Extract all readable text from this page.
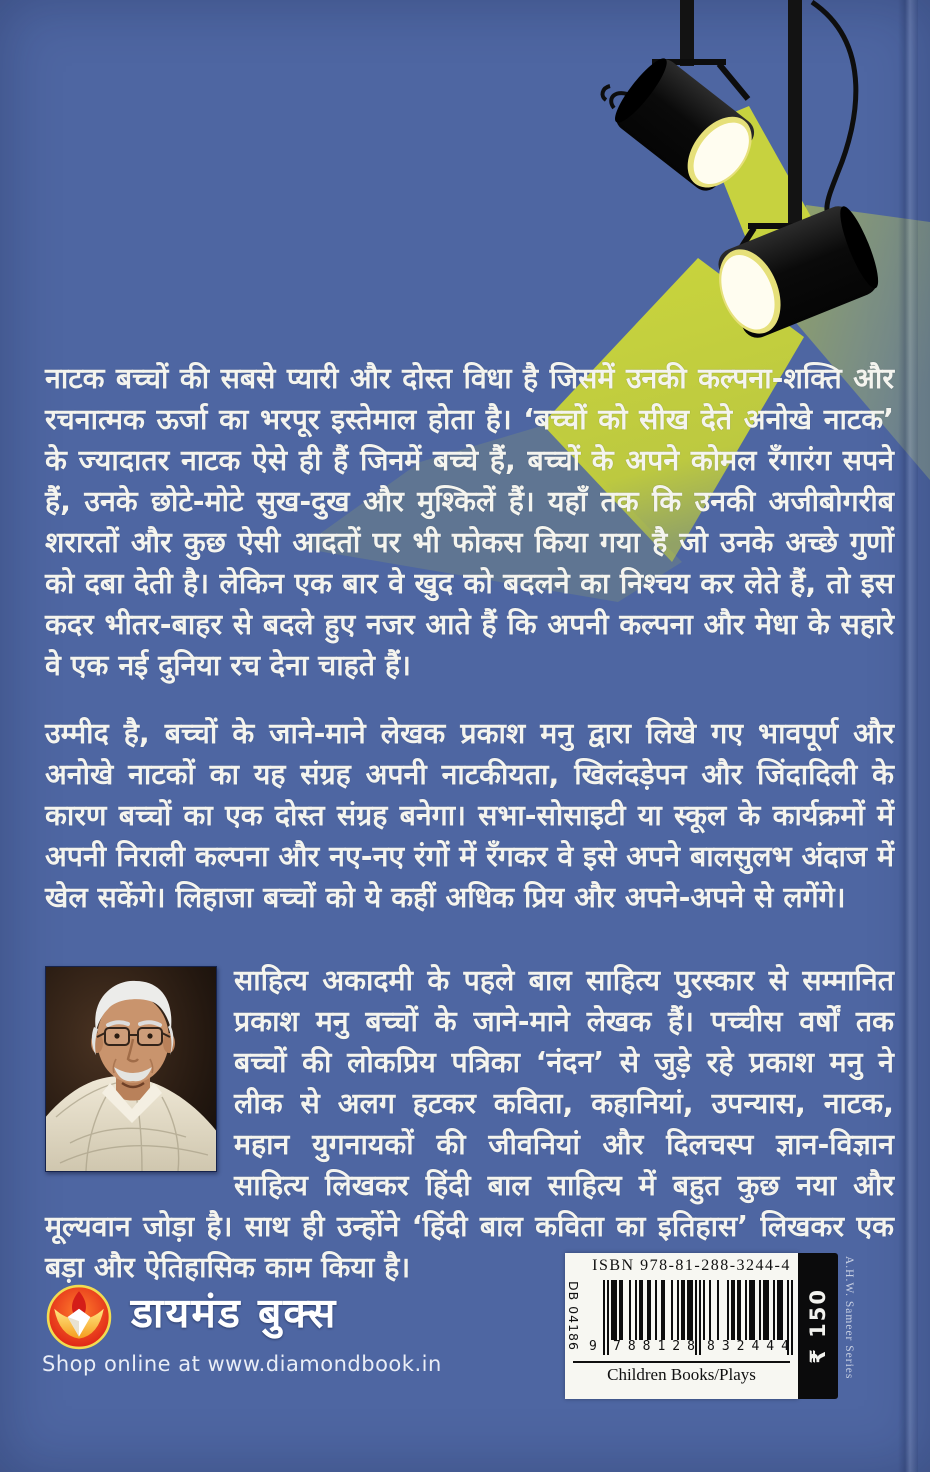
नाटक बच्चों की सबसे प्यारी और दोस्त विधा है जिसमें उनकी कल्पना-शक्ति और रचनात्मक ऊर्जा का भरपूर इस्तेमाल होता है। ‘बच्चों को सीख देते अनोखे नाटक’ के ज्यादातर नाटक ऐसे ही हैं जिनमें बच्चे हैं, बच्चों के अपने कोमल रँगारंग सपने हैं, उनके छोटे-मोटे सुख-दुख और मुश्किलें हैं। यहाँ तक कि उनकी अजीबोगरीब शरारतों और कुछ ऐसी आदतों पर भी फोकस किया गया है जो उनके अच्छे गुणों को दबा देती है। लेकिन एक बार वे खुद को बदलने का निश्चय कर लेते हैं, तो इस कदर भीतर-बाहर से बदले हुए नजर आते हैं कि अपनी कल्पना और मेधा के सहारे वे एक नई दुनिया रच देना चाहते हैं।

उम्मीद है, बच्चों के जाने-माने लेखक प्रकाश मनु द्वारा लिखे गए भावपूर्ण और अनोखे नाटकों का यह संग्रह अपनी नाटकीयता, खिलंदड़ेपन और जिंदादिली के कारण बच्चों का एक दोस्त संग्रह बनेगा। सभा-सोसाइटी या स्कूल के कार्यक्रमों में अपनी निराली कल्पना और नए-नए रंगों में रँगकर वे इसे अपने बालसुलभ अंदाज में खेल सकेंगे। लिहाजा बच्चों को ये कहीं अधिक प्रिय और अपने-अपने से लगेंगे।

साहित्य अकादमी के पहले बाल साहित्य पुरस्कार से सम्मानित प्रकाश मनु बच्चों के जाने-माने लेखक हैं। पच्चीस वर्षों तक बच्चों की लोकप्रिय पत्रिका ‘नंदन’ से जुड़े रहे प्रकाश मनु ने लीक से अलग हटकर कविता, कहानियां, उपन्यास, नाटक, महान युगनायकों की जीवनियां और दिलचस्प ज्ञान-विज्ञान साहित्य लिखकर हिंदी बाल साहित्य में बहुत कुछ नया और मूल्यवान जोड़ा है। साथ ही उन्होंने ‘हिंदी बाल कविता का इतिहास’ लिखकर एक बड़ा और ऐतिहासिक काम किया है।
डायमंड बुक्स
Shop online at www.diamondbook.in
ISBN 978-81-288-3244-4
DB 04186 9 788128 832444
Children Books/Plays
₹ 150 A.H.W. Sameer Series
